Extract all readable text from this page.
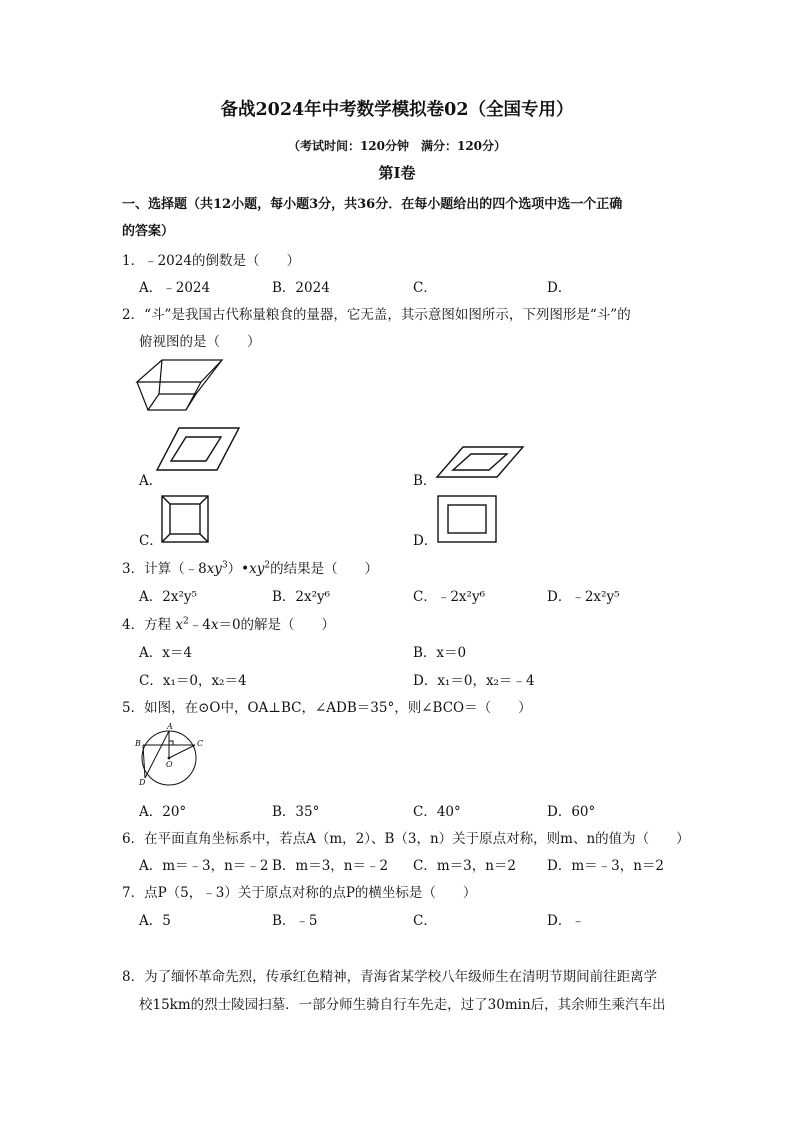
备战2024年中考数学模拟卷02（全国专用）
（考试时间：120分钟　满分：120分）
第Ⅰ卷
一、选择题（共12小题，每小题3分，共36分．在每小题给出的四个选项中选一个正确
的答案）
1．﹣2024的倒数是（　　）
A．﹣2024	B．2024	C．	D．
2．“斗”是我国古代称量粮食的量器，它无盖，其示意图如图所示，下列图形是“斗”的
俯视图的是（　　）
A．	B．
C．	D．
3．计算$(﹣8xy^3)•xy^2$的结果是（　　）
A．2x²y⁵	B．2x²y⁶	C．﹣2x²y⁶	D．﹣2x²y⁵
4．方程 $x^2﹣4x=0$的解是（　　）
A．x＝4	B．x＝0
C．x₁＝0，x₂＝4	D．x₁＝0，x₂＝﹣4
5．如图，在⊙O中，OA⊥BC，∠ADB＝35°，则∠BCO＝（　　）
A
B	C
D
O
A．20°	B．35°	C．40°	D．60°
6．在平面直角坐标系中，若点A（m，2）、B（3，n）关于原点对称，则m、n的值为（　　）
A．m＝﹣3，n＝﹣2 B．m＝3，n＝﹣2 C．m＝3，n＝2 D．m＝﹣3，n＝2
7．点P（5，﹣3）关于原点对称的点P的横坐标是（　　）
A．5	B．﹣5	C．	D．﹣
8．为了缅怀革命先烈，传承红色精神，青海省某学校八年级师生在清明节期间前往距离学
校15km的烈士陵园扫墓．一部分师生骑自行车先走，过了30min后，其余师生乘汽车出
